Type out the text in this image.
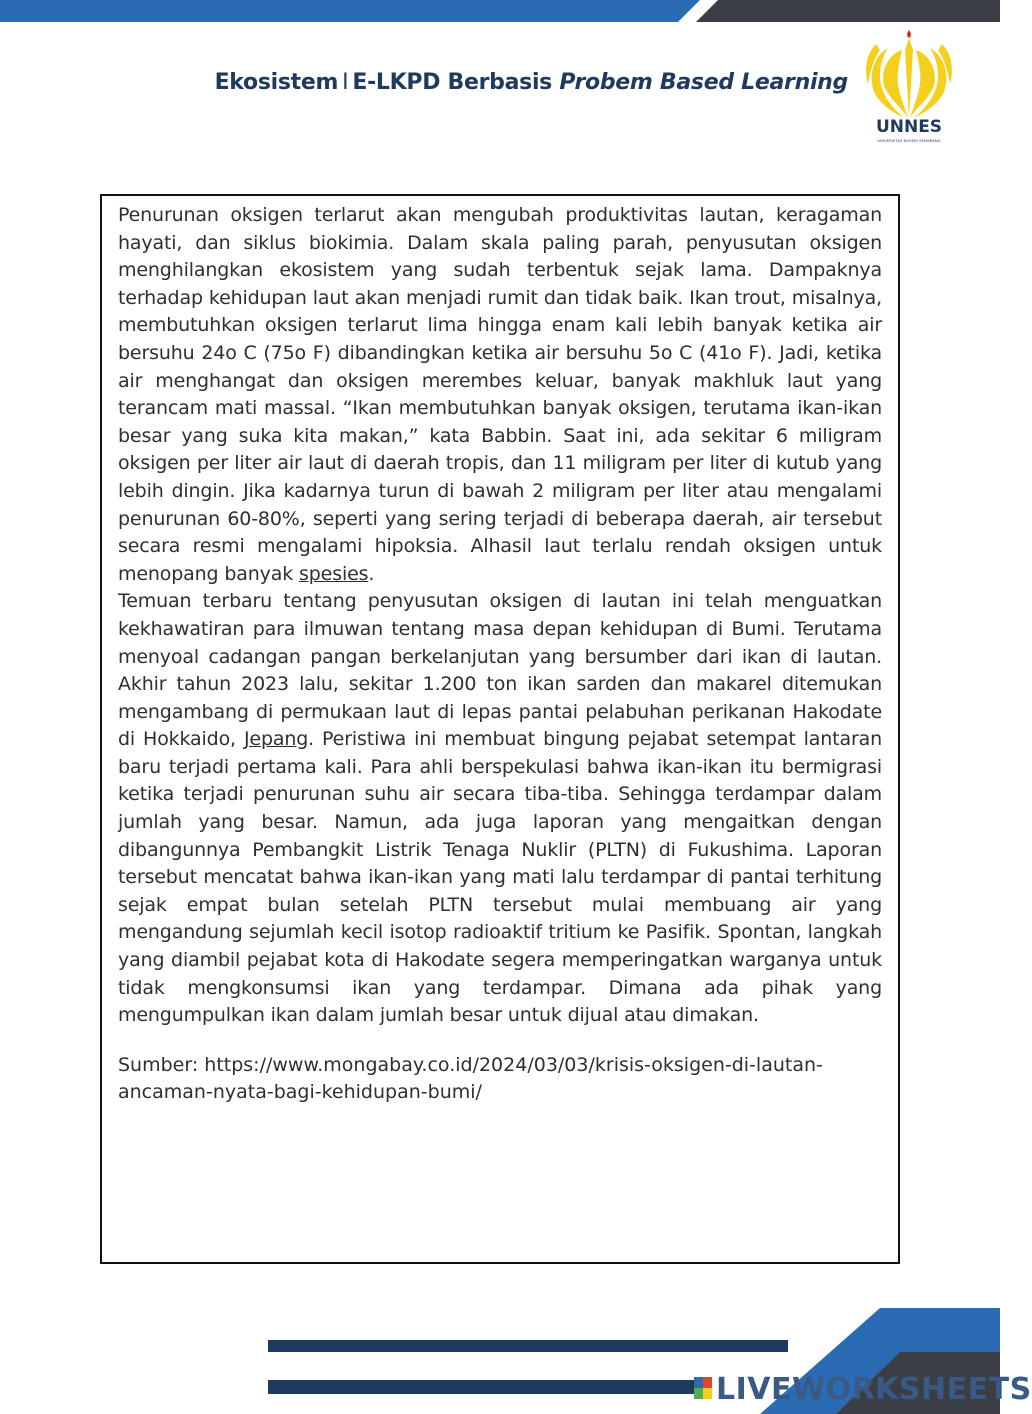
Ekosistem I E-LKPD Berbasis Probem Based Learning
UNNES
UNIVERSITAS NEGERI SEMARANG

Penurunan oksigen terlarut akan mengubah produktivitas lautan, keragaman hayati, dan siklus biokimia. Dalam skala paling parah, penyusutan oksigen menghilangkan ekosistem yang sudah terbentuk sejak lama. Dampaknya terhadap kehidupan laut akan menjadi rumit dan tidak baik. Ikan trout, misalnya, membutuhkan oksigen terlarut lima hingga enam kali lebih banyak ketika air bersuhu 24o C (75o F) dibandingkan ketika air bersuhu 5o C (41o F). Jadi, ketika air menghangat dan oksigen merembes keluar, banyak makhluk laut yang terancam mati massal. “Ikan membutuhkan banyak oksigen, terutama ikan-ikan besar yang suka kita makan,” kata Babbin. Saat ini, ada sekitar 6 miligram oksigen per liter air laut di daerah tropis, dan 11 miligram per liter di kutub yang lebih dingin. Jika kadarnya turun di bawah 2 miligram per liter atau mengalami penurunan 60-80%, seperti yang sering terjadi di beberapa daerah, air tersebut secara resmi mengalami hipoksia. Alhasil laut terlalu rendah oksigen untuk menopang banyak spesies.

Temuan terbaru tentang penyusutan oksigen di lautan ini telah menguatkan kekhawatiran para ilmuwan tentang masa depan kehidupan di Bumi. Terutama menyoal cadangan pangan berkelanjutan yang bersumber dari ikan di lautan. Akhir tahun 2023 lalu, sekitar 1.200 ton ikan sarden dan makarel ditemukan mengambang di permukaan laut di lepas pantai pelabuhan perikanan Hakodate di Hokkaido, Jepang. Peristiwa ini membuat bingung pejabat setempat lantaran baru terjadi pertama kali. Para ahli berspekulasi bahwa ikan-ikan itu bermigrasi ketika terjadi penurunan suhu air secara tiba-tiba. Sehingga terdampar dalam jumlah yang besar. Namun, ada juga laporan yang mengaitkan dengan dibangunnya Pembangkit Listrik Tenaga Nuklir (PLTN) di Fukushima. Laporan tersebut mencatat bahwa ikan-ikan yang mati lalu terdampar di pantai terhitung sejak empat bulan setelah PLTN tersebut mulai membuang air yang mengandung sejumlah kecil isotop radioaktif tritium ke Pasifik. Spontan, langkah yang diambil pejabat kota di Hakodate segera memperingatkan warganya untuk tidak mengkonsumsi ikan yang terdampar. Dimana ada pihak yang mengumpulkan ikan dalam jumlah besar untuk dijual atau dimakan.

Sumber: https://www.mongabay.co.id/2024/03/03/krisis-oksigen-di-lautan-
ancaman-nyata-bagi-kehidupan-bumi/

LIVEWORKSHEETS
